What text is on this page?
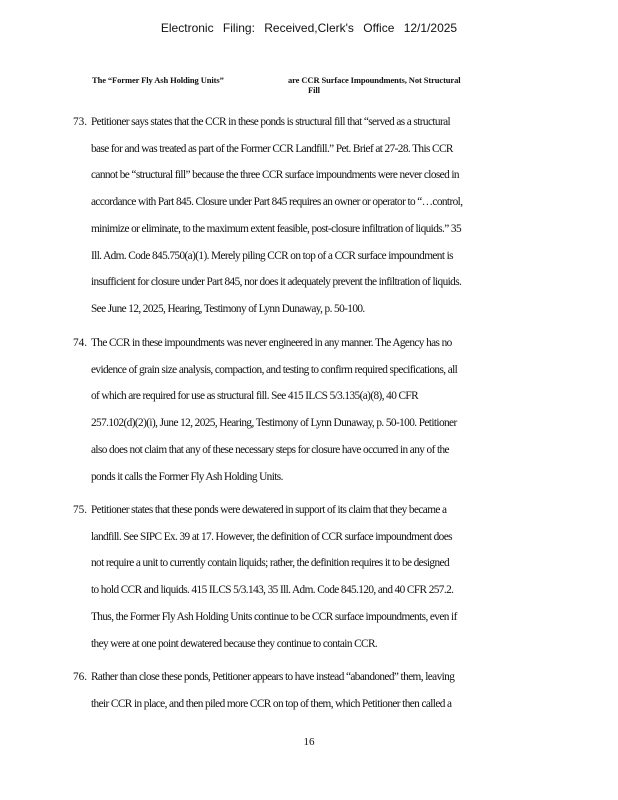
Electronic Filing: Received,Clerk's Office 12/1/2025
The “Former Fly Ash Holding Units”	are CCR Surface Impoundments, Not Structural
Fill
73. Petitioner says states that the CCR in these ponds is structural fill that “served as a structural
base for and was treated as part of the Former CCR Landfill.” Pet. Brief at 27-28. This CCR
cannot be “structural fill” because the three CCR surface impoundments were never closed in
accordance with Part 845. Closure under Part 845 requires an owner or operator to “…control,
minimize or eliminate, to the maximum extent feasible, post-closure infiltration of liquids.” 35
Ill. Adm. Code 845.750(a)(1). Merely piling CCR on top of a CCR surface impoundment is
insufficient for closure under Part 845, nor does it adequately prevent the infiltration of liquids.
See June 12, 2025, Hearing, Testimony of Lynn Dunaway, p. 50-100.
74. The CCR in these impoundments was never engineered in any manner. The Agency has no
evidence of grain size analysis, compaction, and testing to confirm required specifications, all
of which are required for use as structural fill. See 415 ILCS 5/3.135(a)(8), 40 CFR
257.102(d)(2)(i), June 12, 2025, Hearing, Testimony of Lynn Dunaway, p. 50-100. Petitioner
also does not claim that any of these necessary steps for closure have occurred in any of the
ponds it calls the Former Fly Ash Holding Units.
75. Petitioner states that these ponds were dewatered in support of its claim that they became a
landfill. See SIPC Ex. 39 at 17. However, the definition of CCR surface impoundment does
not require a unit to currently contain liquids; rather, the definition requires it to be designed
to hold CCR and liquids. 415 ILCS 5/3.143, 35 Ill. Adm. Code 845.120, and 40 CFR 257.2.
Thus, the Former Fly Ash Holding Units continue to be CCR surface impoundments, even if
they were at one point dewatered because they continue to contain CCR.
76. Rather than close these ponds, Petitioner appears to have instead “abandoned” them, leaving
their CCR in place, and then piled more CCR on top of them, which Petitioner then called a
16
